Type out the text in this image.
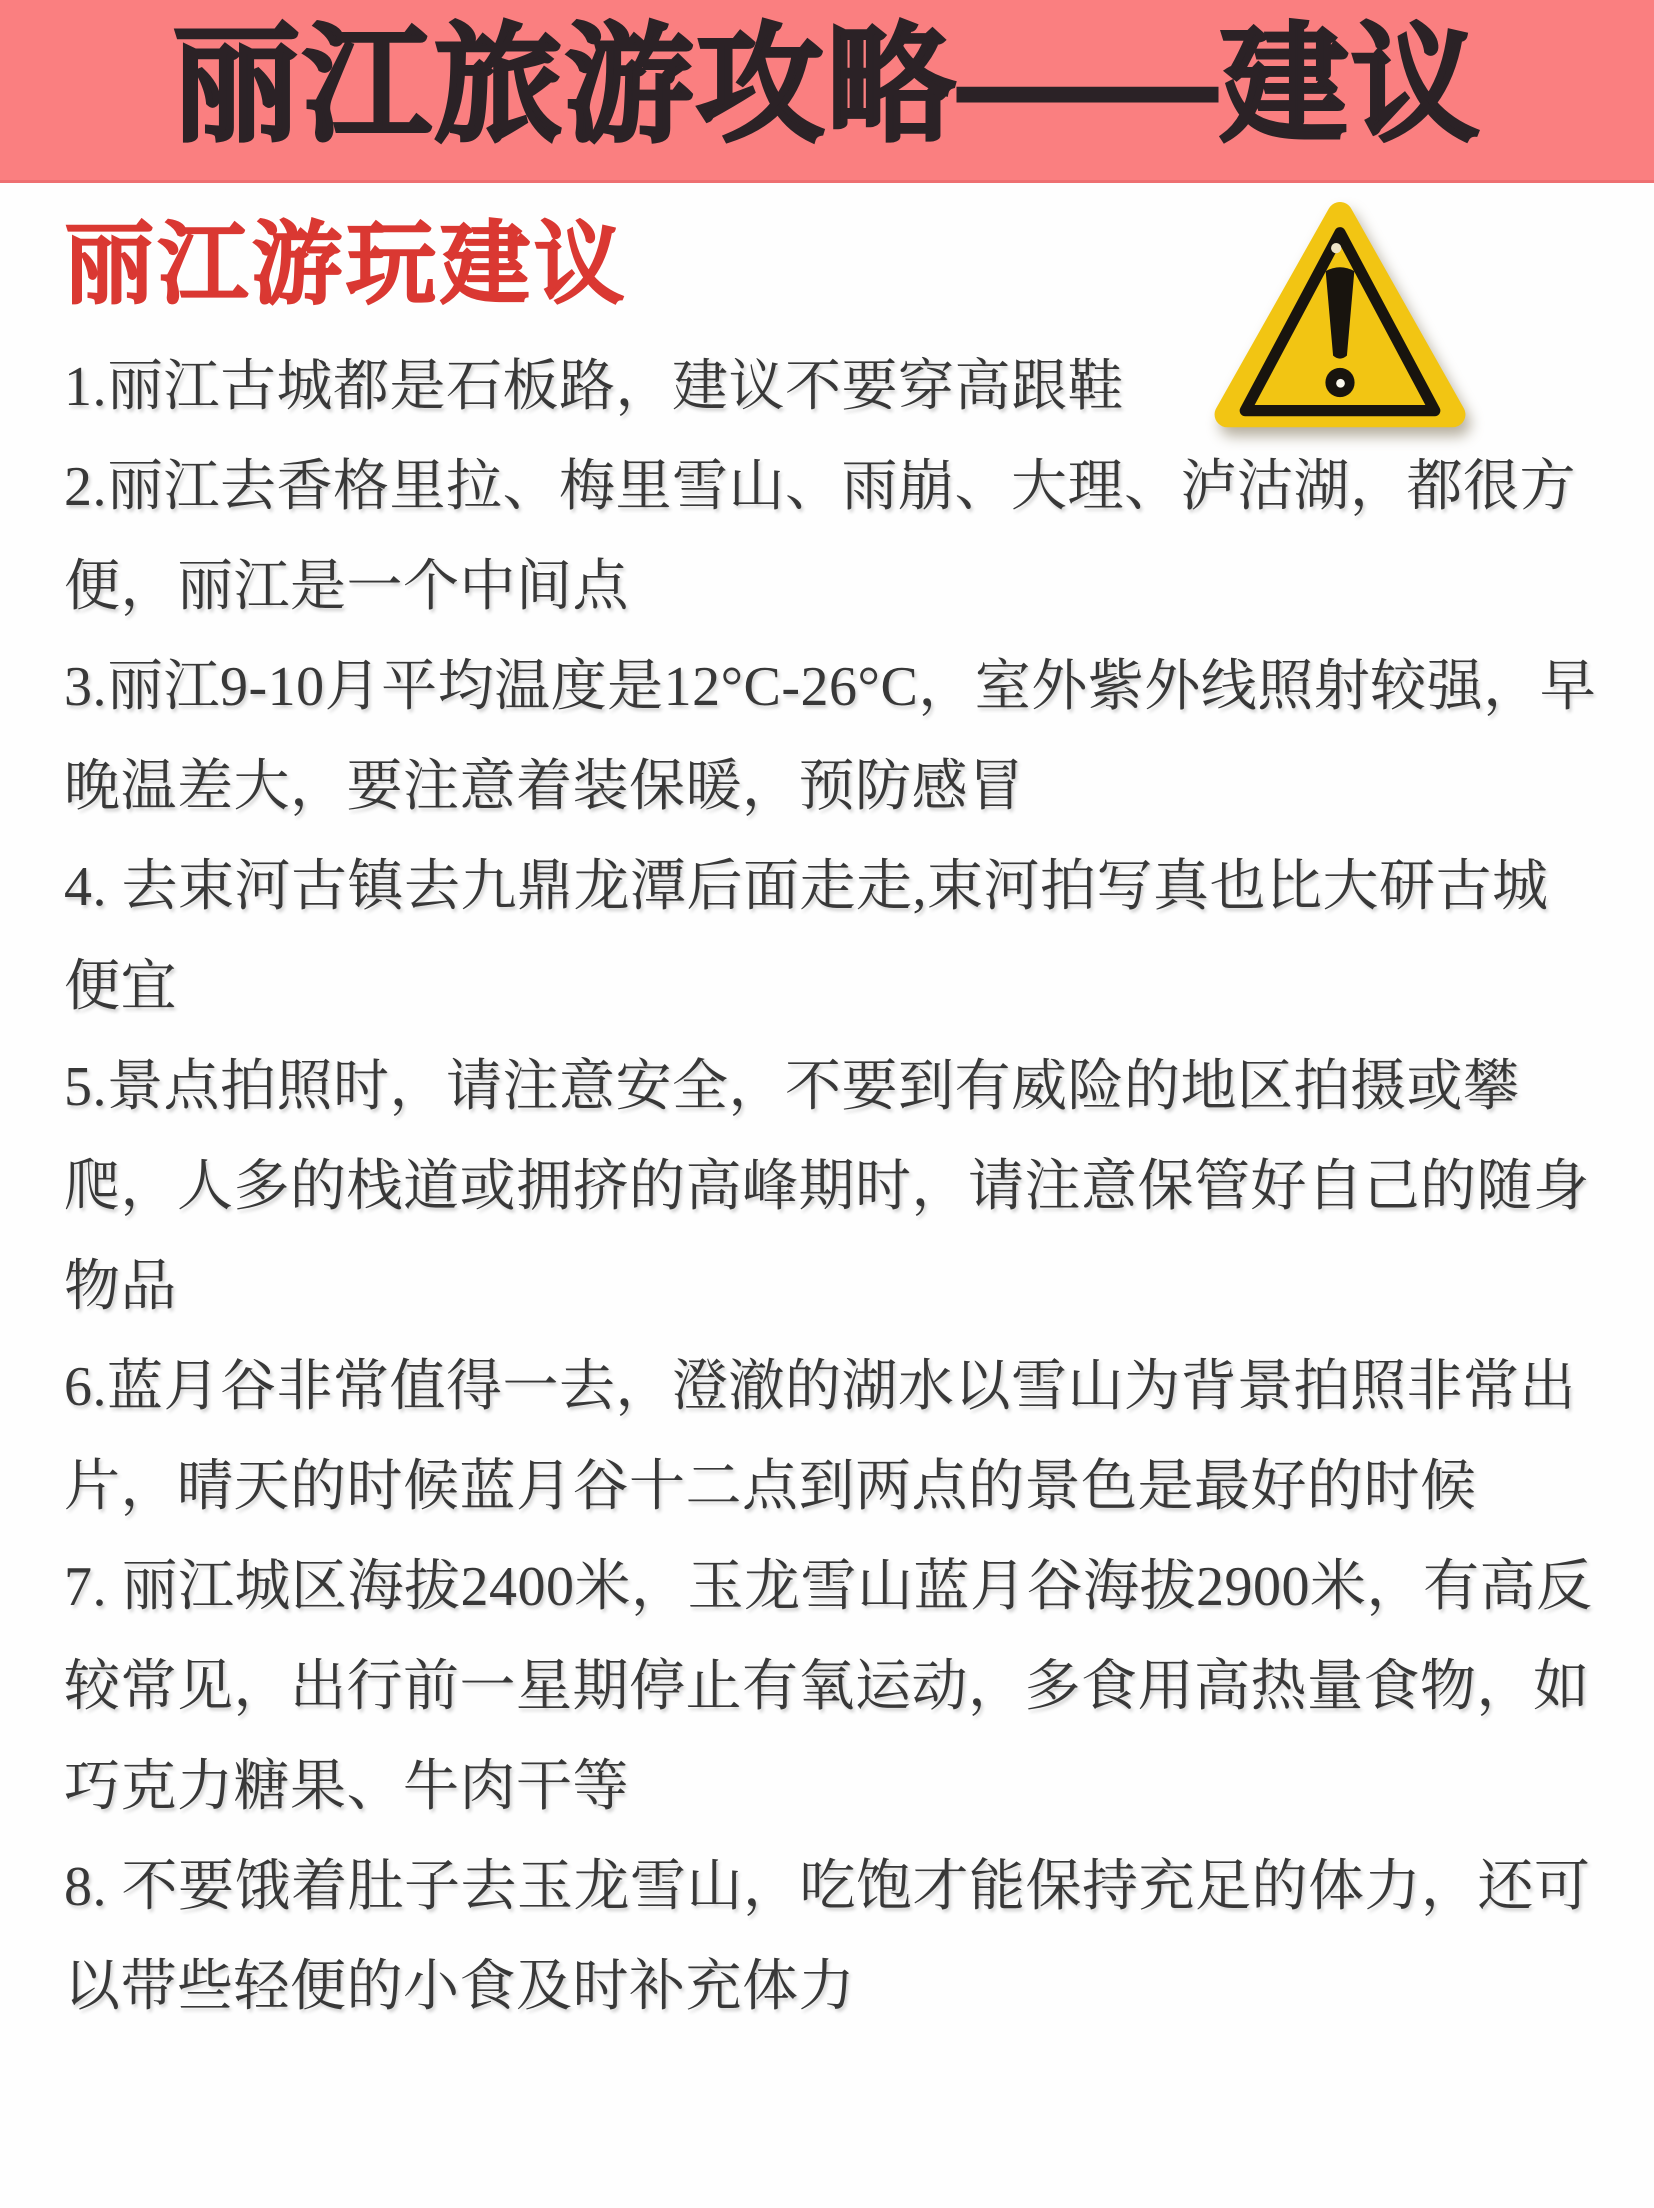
丽江旅游攻略——建议
丽江游玩建议

1.丽江古城都是石板路，建议不要穿高跟鞋

2.丽江去香格里拉、梅里雪山、雨崩、大理、泸沽湖，都很方便，丽江是一个中间点

3.丽江9-10月平均温度是12°C-26°C，室外紫外线照射较强，早晚温差大，要注意着装保暖，预防感冒

4. 去束河古镇去九鼎龙潭后面走走,束河拍写真也比大研古城便宜

5.景点拍照时，请注意安全，不要到有威险的地区拍摄或攀爬，人多的栈道或拥挤的高峰期时，请注意保管好自己的随身物品

6.蓝月谷非常值得一去，澄澈的湖水以雪山为背景拍照非常出片，晴天的时候蓝月谷十二点到两点的景色是最好的时候

7. 丽江城区海拔2400米，玉龙雪山蓝月谷海拔2900米，有高反较常见，出行前一星期停止有氧运动，多食用高热量食物，如巧克力糖果、牛肉干等

8. 不要饿着肚子去玉龙雪山，吃饱才能保持充足的体力，还可以带些轻便的小食及时补充体力
